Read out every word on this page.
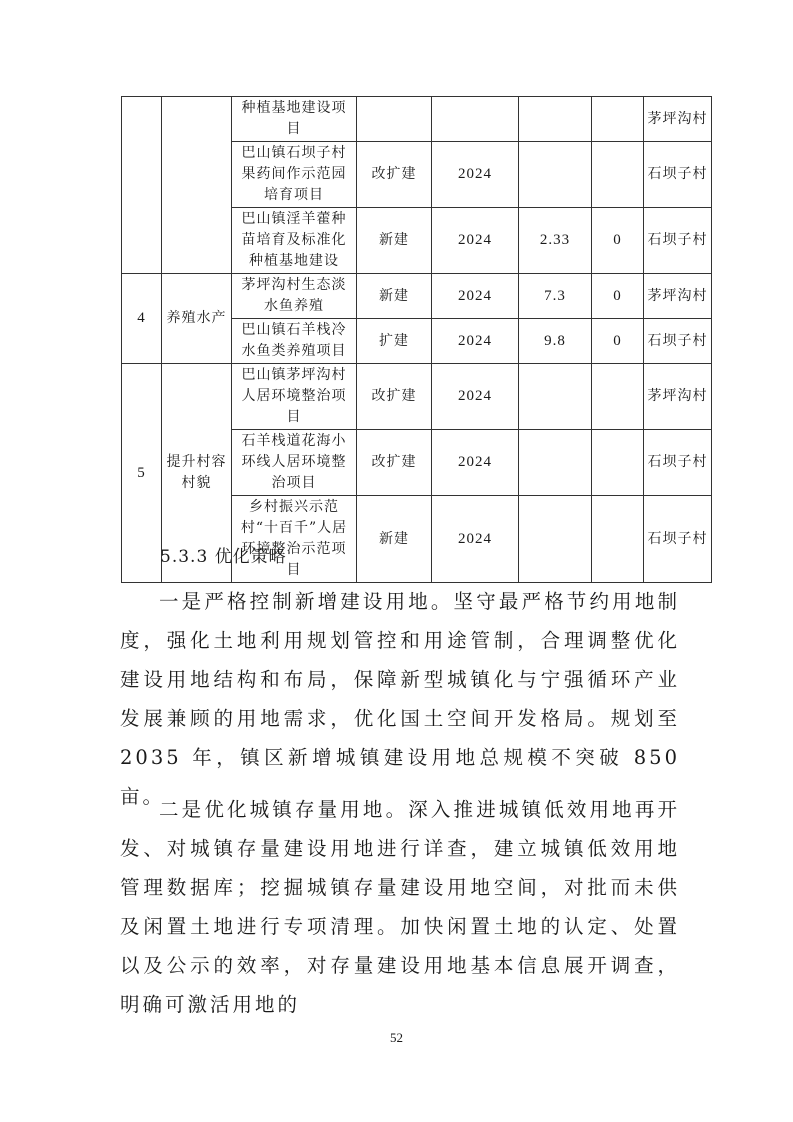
		种植基地建设项目					茅坪沟村
		巴山镇石坝子村果药间作示范园培育项目	改扩建	2024			石坝子村
		巴山镇淫羊藿种苗培育及标准化种植基地建设	新建	2024	2.33	0	石坝子村
4	养殖水产	茅坪沟村生态淡水鱼养殖	新建	2024	7.3	0	茅坪沟村
		巴山镇石羊栈冷水鱼类养殖项目	扩建	2024	9.8	0	石坝子村
5	提升村容村貌	巴山镇茅坪沟村人居环境整治项目	改扩建	2024			茅坪沟村
		石羊栈道花海小环线人居环境整治项目	改扩建	2024			石坝子村
		乡村振兴示范村“十百千”人居环境整治示范项目	新建	2024			石坝子村
5.3.3 优化策略

一是严格控制新增建设用地。坚守最严格节约用地制度，强化土地利用规划管控和用途管制，合理调整优化建设用地结构和布局，保障新型城镇化与宁强循环产业发展兼顾的用地需求，优化国土空间开发格局。规划至 2035 年，镇区新增城镇建设用地总规模不突破 850 亩。

二是优化城镇存量用地。深入推进城镇低效用地再开发、对城镇存量建设用地进行详查，建立城镇低效用地管理数据库；挖掘城镇存量建设用地空间，对批而未供及闲置土地进行专项清理。加快闲置土地的认定、处置以及公示的效率，对存量建设用地基本信息展开调查，明确可激活用地的

52
